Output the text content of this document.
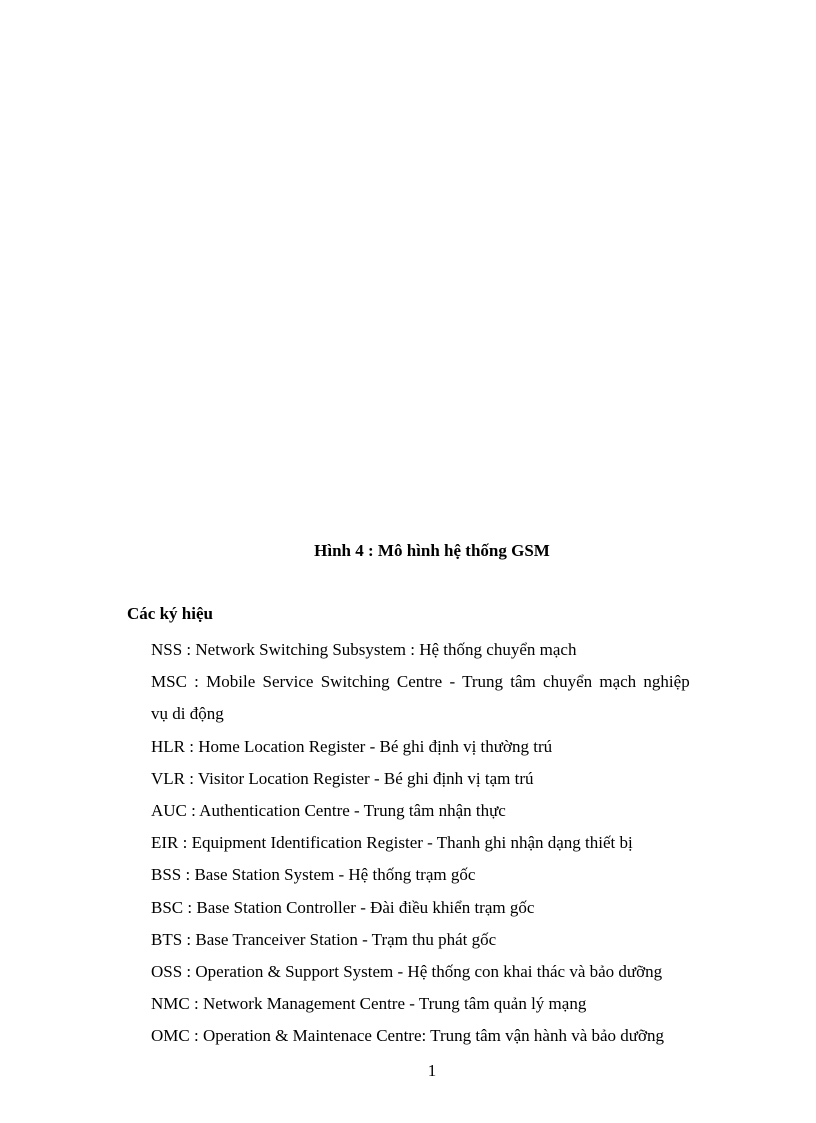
Hình 4 : Mô hình hệ thống GSM
Các ký hiệu
NSS : Network Switching Subsystem : Hệ thống chuyển mạch
MSC : Mobile Service Switching Centre - Trung tâm chuyển mạch nghiệp
vụ di động
HLR : Home Location Register - Bé ghi định vị thường trú
VLR : Visitor Location Register - Bé ghi định vị tạm trú
AUC : Authentication Centre - Trung tâm nhận thực
EIR : Equipment Identification Register - Thanh ghi nhận dạng thiết bị
BSS : Base Station System - Hệ thống trạm gốc
BSC : Base Station Controller - Đài điều khiển trạm gốc
BTS : Base Tranceiver Station - Trạm thu phát gốc
OSS : Operation & Support System - Hệ thống con khai thác và bảo dưỡng
NMC : Network Management Centre - Trung tâm quản lý mạng
OMC : Operation & Maintenace Centre: Trung tâm vận hành và bảo dưỡng
1
